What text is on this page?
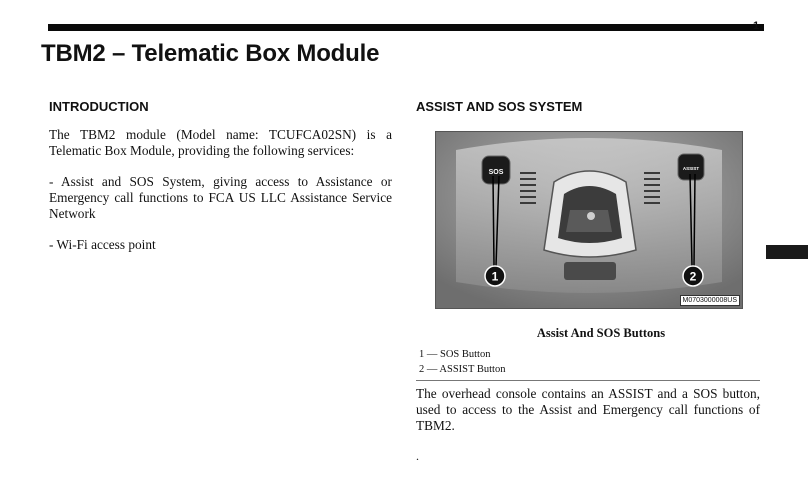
1
TBM2 – Telematic Box Module
INTRODUCTION

The TBM2 module (Model name: TCUFCA02SN) is a Telematic Box Module, providing the following services:

- Assist and SOS System, giving access to Assistance or Emergency call functions to FCA US LLC Assistance Service Network

- Wi-Fi access point

ASSIST AND SOS SYSTEM
SOS
ASSIST
1	2
M0703000008US
Assist And SOS Buttons
1 — SOS Button
2 — ASSIST Button

The overhead console contains an ASSIST and a SOS button, used to access to the Assist and Emergency call functions of TBM2.

.
